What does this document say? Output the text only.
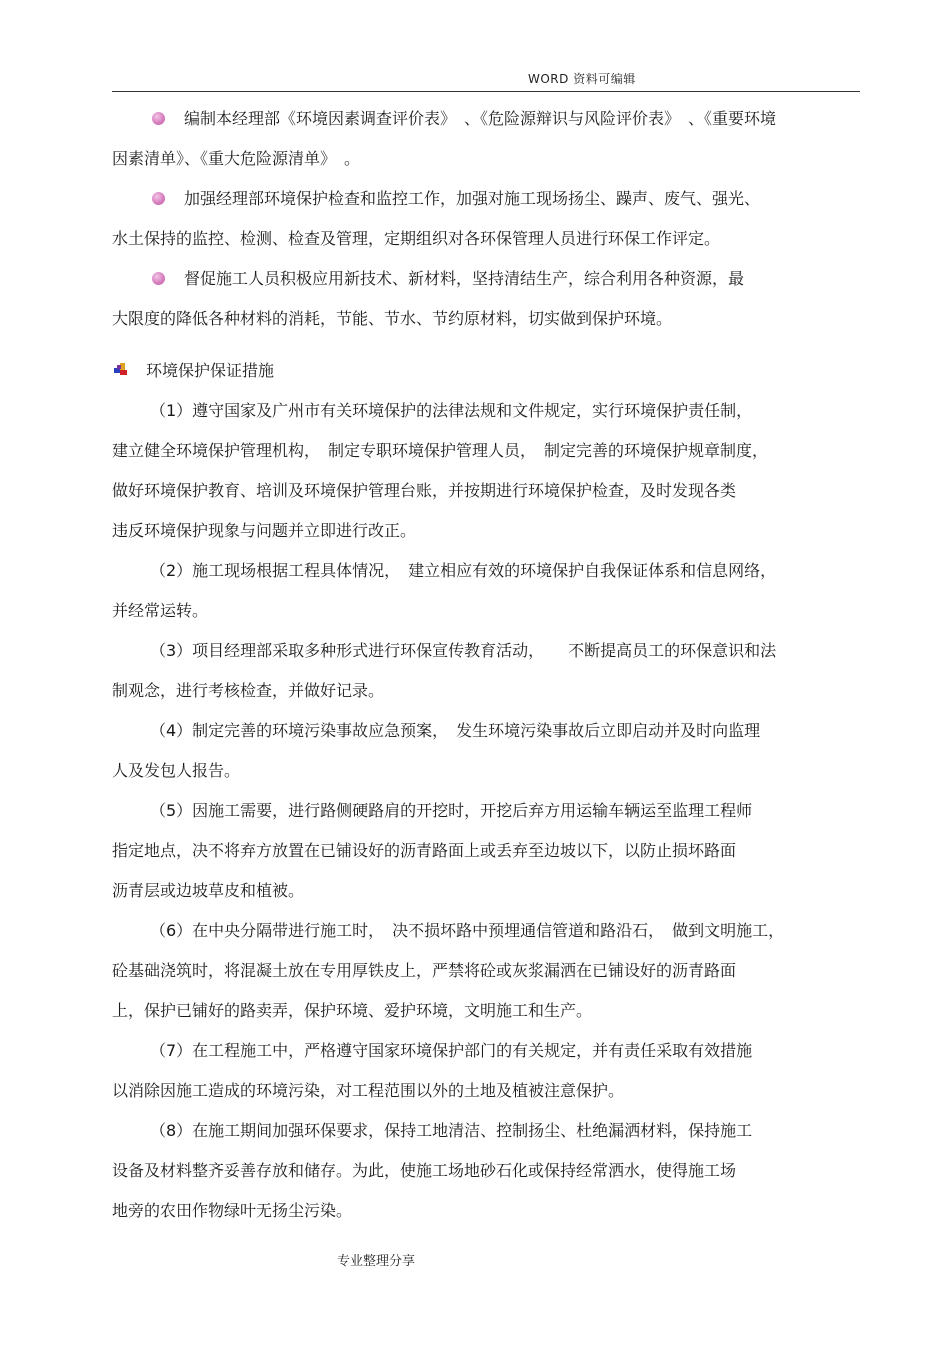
WORD 资料可编辑
编制本经理部《环境因素调查评价表》　、《危险源辩识与风险评价表》　、《重要环境
因素清单》、《重大危险源清单》　。
加强经理部环境保护检查和监控工作，加强对施工现场扬尘、躁声、废气、强光、
水土保持的监控、检测、检查及管理，定期组织对各环保管理人员进行环保工作评定。
督促施工人员积极应用新技术、新材料，坚持清结生产，综合利用各种资源，最
大限度的降低各种材料的消耗，节能、节水、节约原材料，切实做到保护环境。
环境保护保证措施
（1）遵守国家及广州市有关环境保护的法律法规和文件规定，实行环境保护责任制，
建立健全环境保护管理机构，　制定专职环境保护管理人员，　制定完善的环境保护规章制度，
做好环境保护教育、培训及环境保护管理台账，并按期进行环境保护检查，及时发现各类
违反环境保护现象与问题并立即进行改正。
（2）施工现场根据工程具体情况，　建立相应有效的环境保护自我保证体系和信息网络，
并经常运转。
（3）项目经理部采取多种形式进行环保宣传教育活动，　　不断提高员工的环保意识和法
制观念，进行考核检查，并做好记录。
（4）制定完善的环境污染事故应急预案，　发生环境污染事故后立即启动并及时向监理
人及发包人报告。
（5）因施工需要，进行路侧硬路肩的开挖时，开挖后弃方用运输车辆运至监理工程师
指定地点，决不将弃方放置在已铺设好的沥青路面上或丢弃至边坡以下，以防止损坏路面
沥青层或边坡草皮和植被。
（6）在中央分隔带进行施工时，　决不损坏路中预埋通信管道和路沿石，　做到文明施工，
砼基础浇筑时，将混凝土放在专用厚铁皮上，严禁将砼或灰浆漏洒在已铺设好的沥青路面
上，保护已铺好的路卖弄，保护环境、爱护环境，文明施工和生产。
（7）在工程施工中，严格遵守国家环境保护部门的有关规定，并有责任采取有效措施
以消除因施工造成的环境污染，对工程范围以外的土地及植被注意保护。
（8）在施工期间加强环保要求，保持工地清洁、控制扬尘、杜绝漏洒材料，保持施工
设备及材料整齐妥善存放和储存。为此，使施工场地砂石化或保持经常洒水，使得施工场
地旁的农田作物绿叶无扬尘污染。
专业整理分享
